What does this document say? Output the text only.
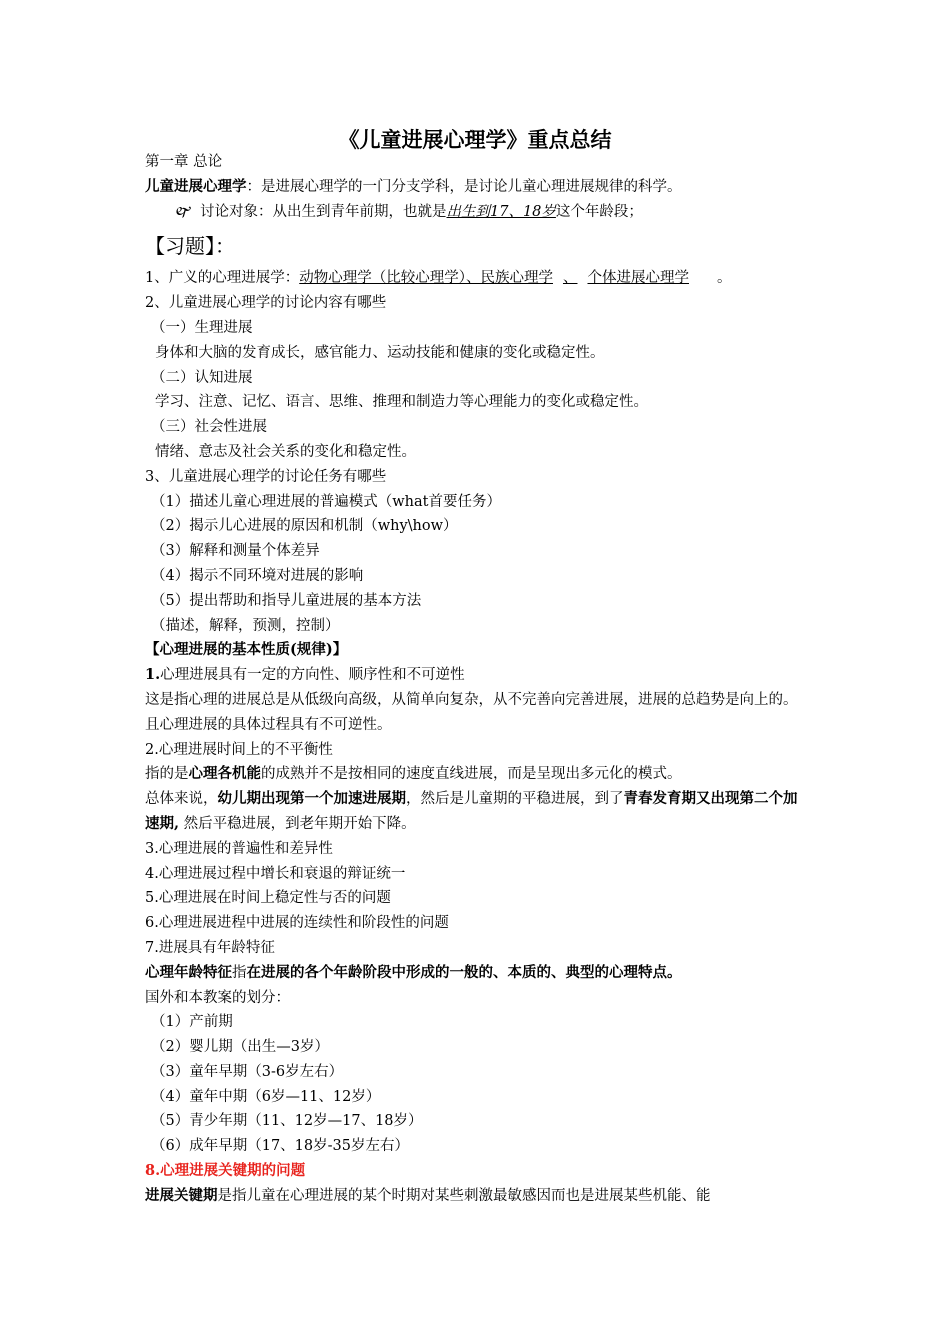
《儿童进展心理学》重点总结
第一章 总论
儿童进展心理学：是进展心理学的一门分支学科，是讨论儿童心理进展规律的科学。
🙰 讨论对象：从出生到青年前期，也就是出生到17、18岁这个年龄段；
【习题】：
1、广义的心理进展学：动物心理学（比较心理学）、民族心理学 、 个体进展心理学 。
2、儿童进展心理学的讨论内容有哪些
（一）生理进展
身体和大脑的发育成长，感官能力、运动技能和健康的变化或稳定性。
（二）认知进展
学习、注意、记忆、语言、思维、推理和制造力等心理能力的变化或稳定性。
（三）社会性进展
情绪、意志及社会关系的变化和稳定性。
3、儿童进展心理学的讨论任务有哪些
（1）描述儿童心理进展的普遍模式（what首要任务）
（2）揭示儿心进展的原因和机制（why\how）
（3）解释和测量个体差异
（4）揭示不同环境对进展的影响
（5）提出帮助和指导儿童进展的基本方法
（描述，解释，预测，控制）
【心理进展的基本性质(规律)】
1.心理进展具有一定的方向性、顺序性和不可逆性
这是指心理的进展总是从低级向高级，从简单向复杂，从不完善向完善进展，进展的总趋势是向上的。且心理进展的具体过程具有不可逆性。
2.心理进展时间上的不平衡性
指的是心理各机能的成熟并不是按相同的速度直线进展，而是呈现出多元化的模式。
总体来说，幼儿期出现第一个加速进展期，然后是儿童期的平稳进展，到了青春发育期又出现第二个加速期, 然后平稳进展，到老年期开始下降。
3.心理进展的普遍性和差异性
4.心理进展过程中增长和衰退的辩证统一
5.心理进展在时间上稳定性与否的问题
6.心理进展进程中进展的连续性和阶段性的问题
7.进展具有年龄特征
心理年龄特征指在进展的各个年龄阶段中形成的一般的、本质的、典型的心理特点。
国外和本教案的划分：
（1）产前期
（2）婴儿期（出生—3岁）
（3）童年早期（3-6岁左右）
（4）童年中期（6岁—11、12岁）
（5）青少年期（11、12岁—17、18岁）
（6）成年早期（17、18岁-35岁左右）
8.心理进展关键期的问题
进展关键期是指儿童在心理进展的某个时期对某些刺激最敏感因而也是进展某些机能、能
